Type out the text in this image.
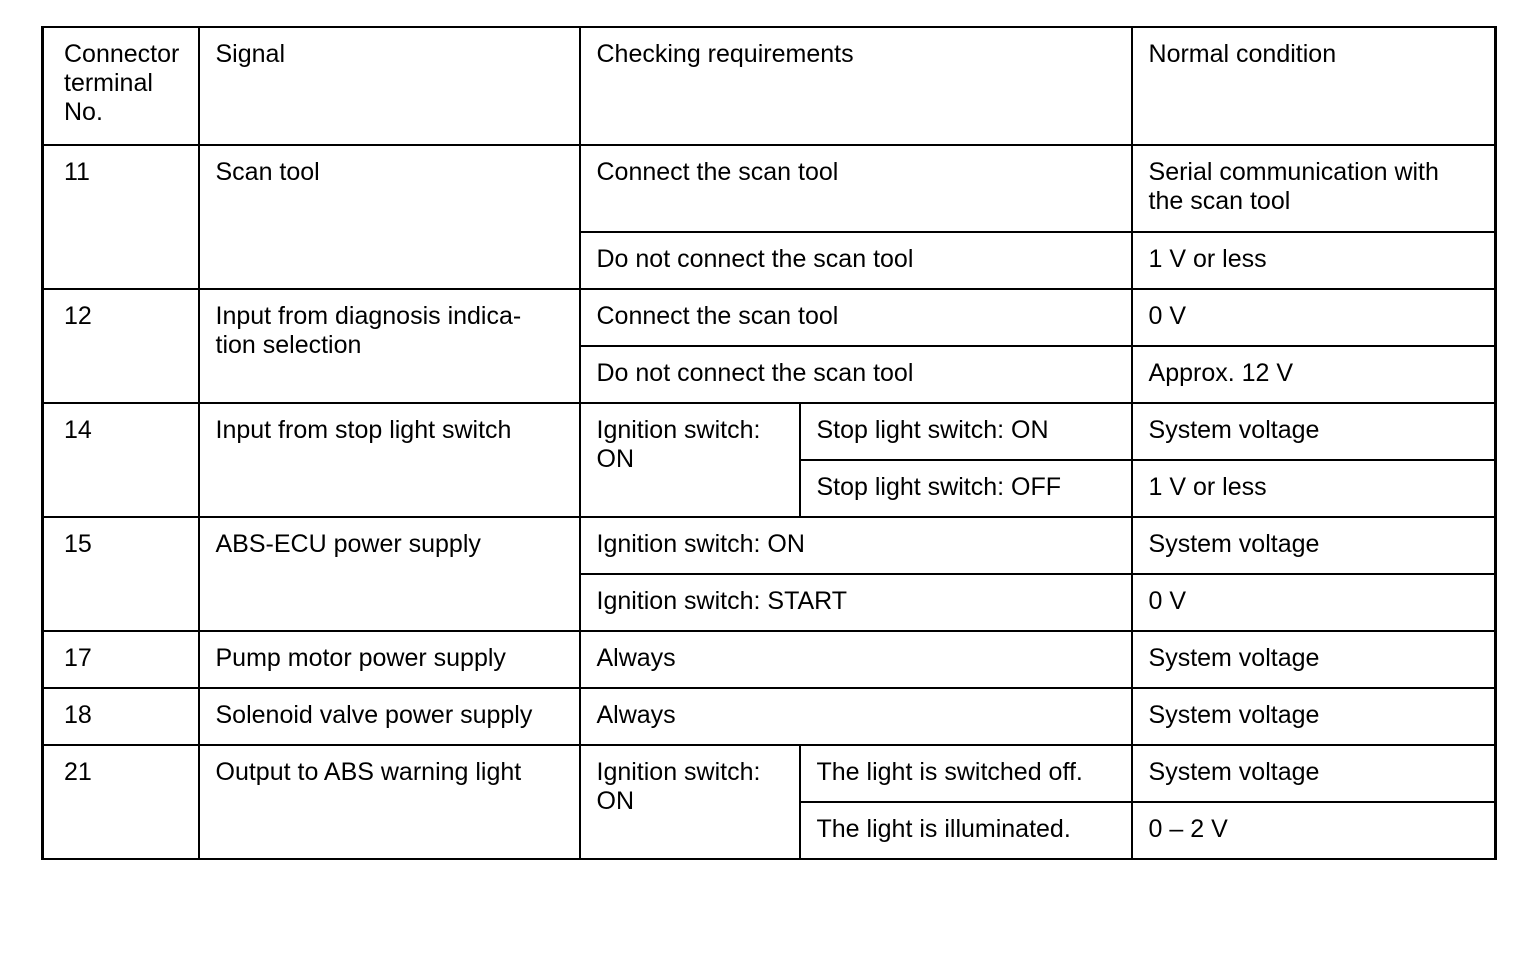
Connector
terminal
No.	Signal	Checking requirements		Normal condition
11	Scan tool	Connect the scan tool		Serial communication with
the scan tool
		Do not connect the scan tool		1 V or less
12	Input from diagnosis indica-
tion selection	Connect the scan tool		0 V
		Do not connect the scan tool		Approx. 12 V
14	Input from stop light switch	Ignition switch:
ON	Stop light switch: ON	System voltage
			Stop light switch: OFF	1 V or less
15	ABS-ECU power supply	Ignition switch: ON		System voltage
		Ignition switch: START		0 V
17	Pump motor power supply	Always		System voltage
18	Solenoid valve power supply	Always		System voltage
21	Output to ABS warning light	Ignition switch:
ON	The light is switched off.	System voltage
			The light is illuminated.	0 – 2 V
